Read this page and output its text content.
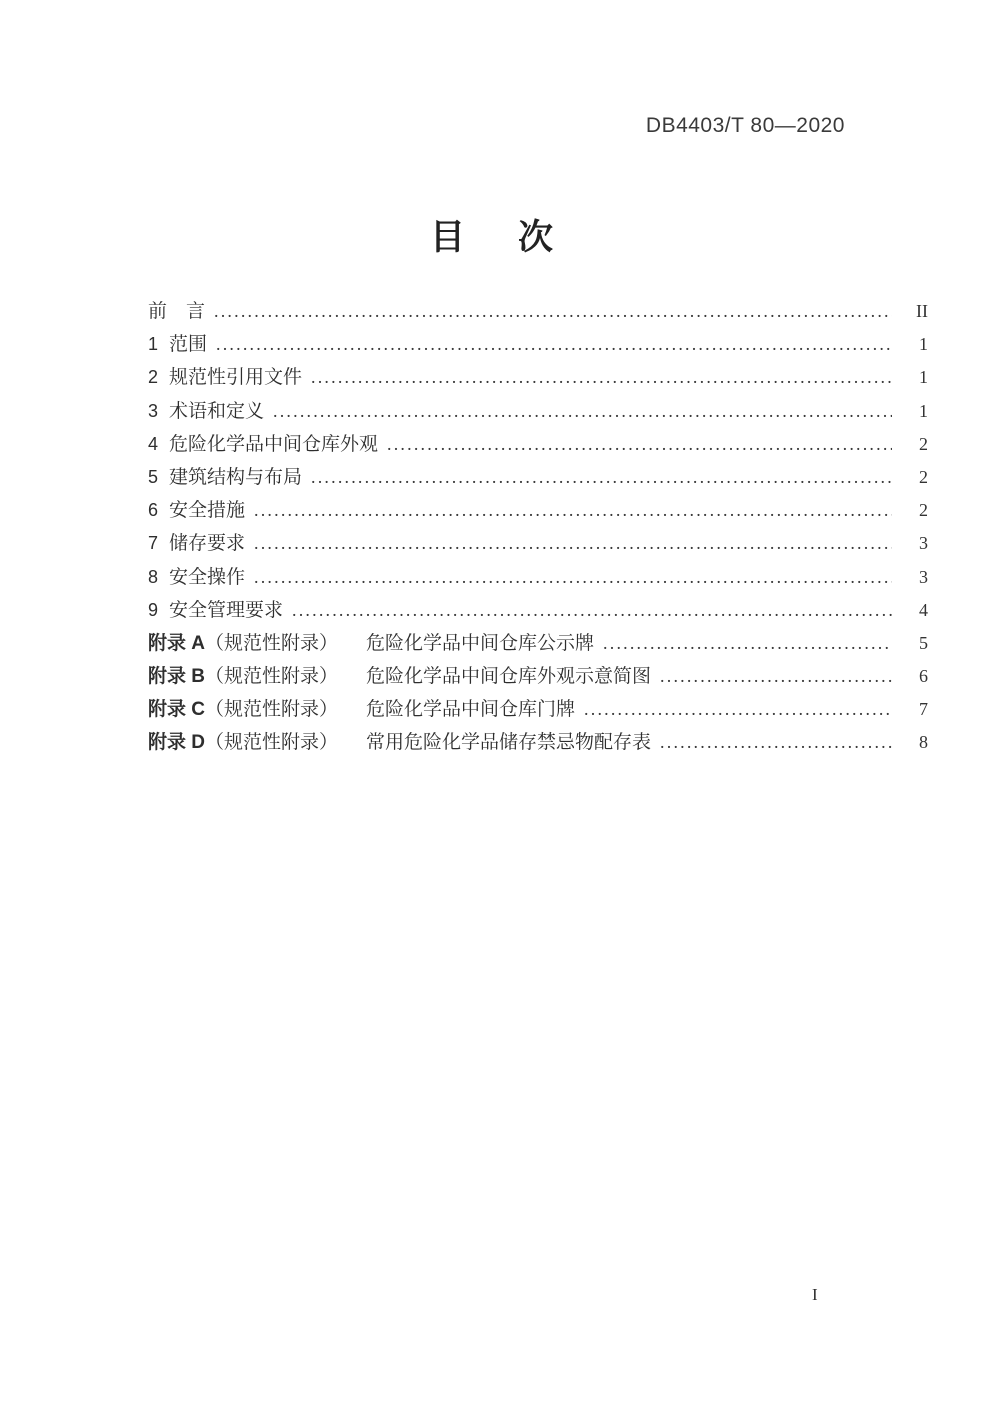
DB4403/T 80—2020
目　次
前　言 .....	II
1 范围 .....	1
2 规范性引用文件 .....	1
3 术语和定义 .....	1
4 危险化学品中间仓库外观 .....	2
5 建筑结构与布局 .....	2
6 安全措施 .....	2
7 储存要求 .....	3
8 安全操作 .....	3
9 安全管理要求 .....	4
附录 A （规范性附录） 危险化学品中间仓库公示牌 .....	5
附录 B （规范性附录） 危险化学品中间仓库外观示意简图 .....	6
附录 C （规范性附录） 危险化学品中间仓库门牌 .....	7
附录 D （规范性附录） 常用危险化学品储存禁忌物配存表 .....	8
I
